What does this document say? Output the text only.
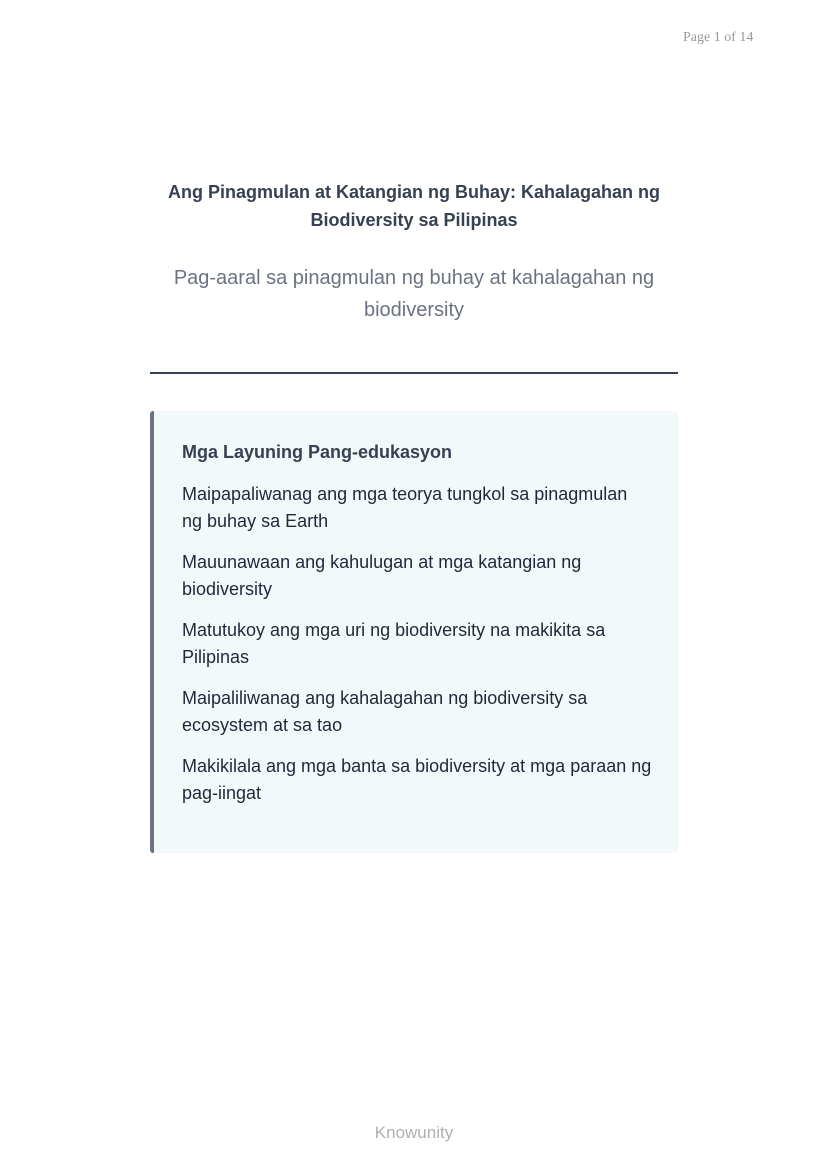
Page 1 of 14
Ang Pinagmulan at Katangian ng Buhay: Kahalagahan ng Biodiversity sa Pilipinas
Pag-aaral sa pinagmulan ng buhay at kahalagahan ng biodiversity
Mga Layuning Pang-edukasyon

Maipapaliwanag ang mga teorya tungkol sa pinagmulan ng buhay sa Earth

Mauunawaan ang kahulugan at mga katangian ng biodiversity

Matutukoy ang mga uri ng biodiversity na makikita sa Pilipinas

Maipaliliwanag ang kahalagahan ng biodiversity sa ecosystem at sa tao

Makikilala ang mga banta sa biodiversity at mga paraan ng pag-iingat

Knowunity
